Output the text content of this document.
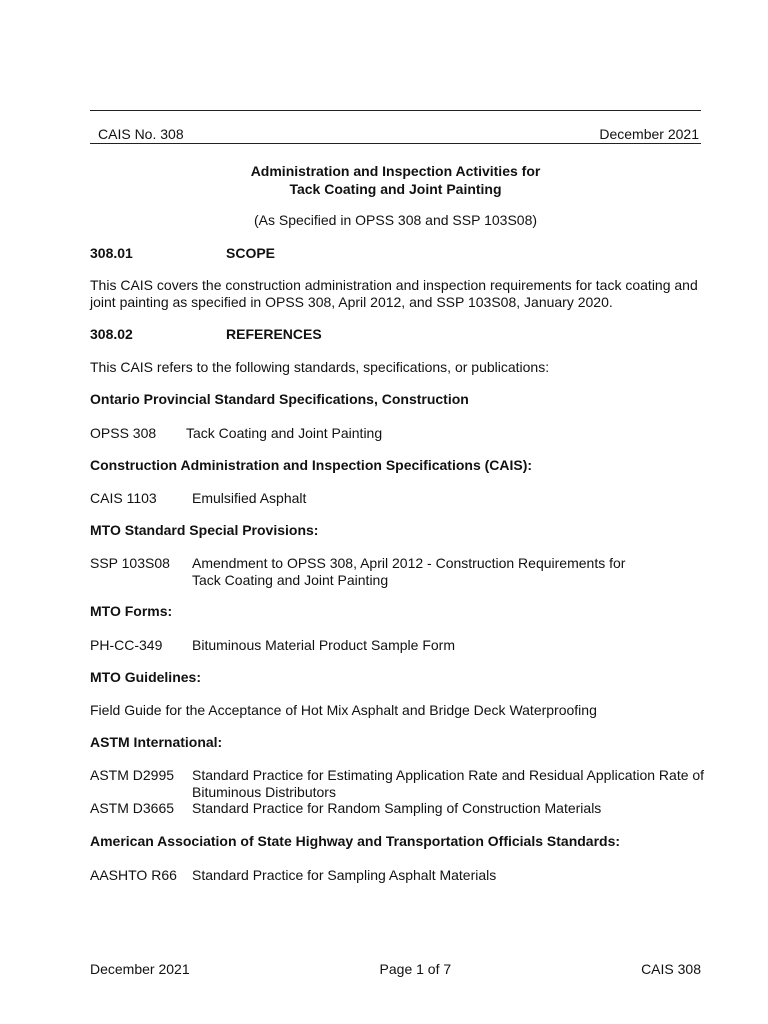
CAIS No. 308	December 2021
Administration and Inspection Activities for
Tack Coating and Joint Painting
(As Specified in OPSS 308 and SSP 103S08)
308.01	SCOPE
This CAIS covers the construction administration and inspection requirements for tack coating and joint painting as specified in OPSS 308, April 2012, and SSP 103S08, January 2020.
308.02	REFERENCES
This CAIS refers to the following standards, specifications, or publications:
Ontario Provincial Standard Specifications, Construction
OPSS 308	Tack Coating and Joint Painting
Construction Administration and Inspection Specifications (CAIS):
CAIS 1103	Emulsified Asphalt
MTO Standard Special Provisions:
SSP 103S08	Amendment to OPSS 308, April 2012 - Construction Requirements for Tack Coating and Joint Painting
MTO Forms:
PH-CC-349	Bituminous Material Product Sample Form
MTO Guidelines:
Field Guide for the Acceptance of Hot Mix Asphalt and Bridge Deck Waterproofing
ASTM International:
ASTM D2995	Standard Practice for Estimating Application Rate and Residual Application Rate of Bituminous Distributors
ASTM D3665	Standard Practice for Random Sampling of Construction Materials
American Association of State Highway and Transportation Officials Standards:
AASHTO R66	Standard Practice for Sampling Asphalt Materials
December 2021	Page 1 of 7	CAIS 308
